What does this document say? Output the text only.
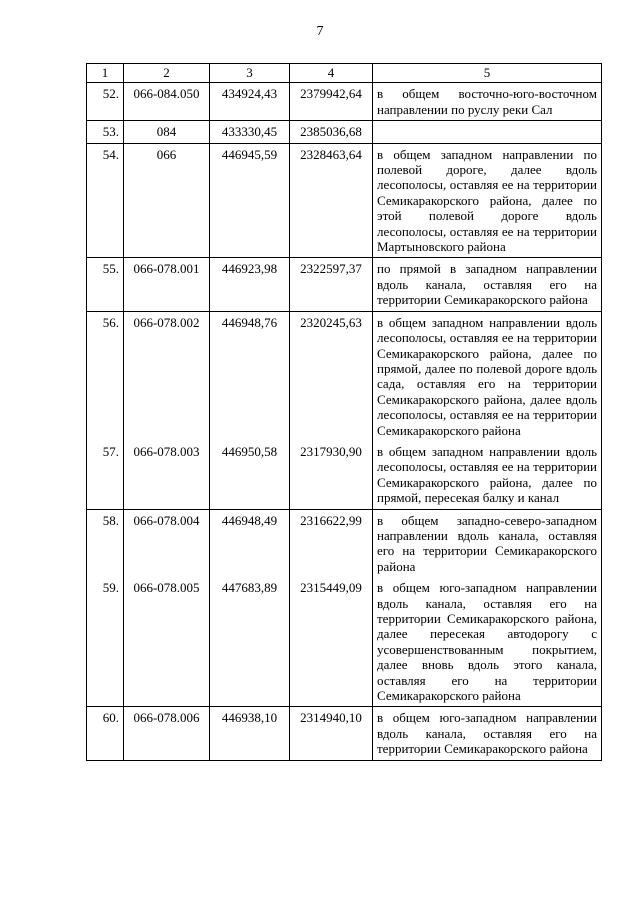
7
1	2	3	4	5
52.	066-084.050	434924,43	2379942,64	в общем восточно-юго-восточном направлении по руслу реки Сал
53.	084	433330,45	2385036,68	
54.	066	446945,59	2328463,64	в общем западном направлении по полевой дороге, далее вдоль лесополосы, оставляя ее на территории Семикаракорского района, далее по этой полевой дороге вдоль лесополосы, оставляя ее на территории Мартыновского района
55.	066-078.001	446923,98	2322597,37	по прямой в западном направлении вдоль канала, оставляя его на территории Семикаракорского района
56.	066-078.002	446948,76	2320245,63	в общем западном направлении вдоль лесополосы, оставляя ее на территории Семикаракорского района, далее по прямой, далее по полевой дороге вдоль сада, оставляя его на территории Семикаракорского района, далее вдоль лесополосы, оставляя ее на территории Семикаракорского района
57.	066-078.003	446950,58	2317930,90	в общем западном направлении вдоль лесополосы, оставляя ее на территории Семикаракорского района, далее по прямой, пересекая балку и канал
58.	066-078.004	446948,49	2316622,99	в общем западно-северо-западном направлении вдоль канала, оставляя его на территории Семикаракорского района
59.	066-078.005	447683,89	2315449,09	в общем юго-западном направлении вдоль канала, оставляя его на территории Семикаракорского района, далее пересекая автодорогу с усовершенствованным покрытием, далее вновь вдоль этого канала, оставляя его на территории Семикаракорского района
60.	066-078.006	446938,10	2314940,10	в общем юго-западном направлении вдоль канала, оставляя его на территории Семикаракорского района
